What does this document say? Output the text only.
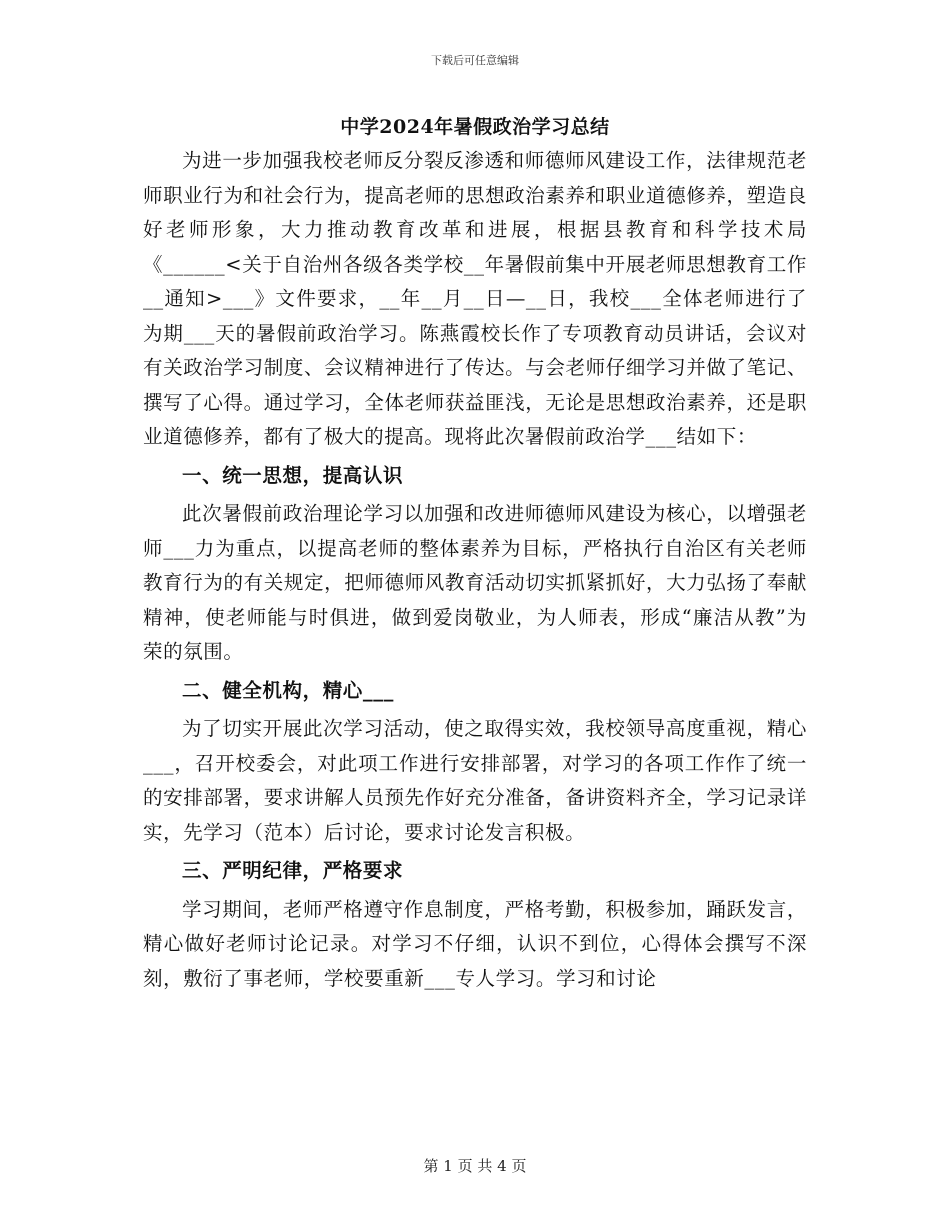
下载后可任意编辑
中学2024年暑假政治学习总结

为进一步加强我校老师反分裂反渗透和师德师风建设工作，法律规范老师职业行为和社会行为，提高老师的思想政治素养和职业道德修养，塑造良好老师形象，大力推动教育改革和进展，根据县教育和科学技术局《______<关于自治州各级各类学校__年暑假前集中开展老师思想教育工作__通知>___》文件要求，__年__月__日—__日，我校___全体老师进行了为期___天的暑假前政治学习。陈燕霞校长作了专项教育动员讲话，会议对有关政治学习制度、会议精神进行了传达。与会老师仔细学习并做了笔记、撰写了心得。通过学习，全体老师获益匪浅，无论是思想政治素养，还是职业道德修养，都有了极大的提高。现将此次暑假前政治学___结如下：

一、统一思想，提高认识

此次暑假前政治理论学习以加强和改进师德师风建设为核心，以增强老师___力为重点，以提高老师的整体素养为目标，严格执行自治区有关老师教育行为的有关规定，把师德师风教育活动切实抓紧抓好，大力弘扬了奉献精神，使老师能与时俱进，做到爱岗敬业，为人师表，形成“廉洁从教”为荣的氛围。

二、健全机构，精心___

为了切实开展此次学习活动，使之取得实效，我校领导高度重视，精心___，召开校委会，对此项工作进行安排部署，对学习的各项工作作了统一的安排部署，要求讲解人员预先作好充分准备，备讲资料齐全，学习记录详实，先学习（范本）后讨论，要求讨论发言积极。

三、严明纪律，严格要求

学习期间，老师严格遵守作息制度，严格考勤，积极参加，踊跃发言，精心做好老师讨论记录。对学习不仔细，认识不到位，心得体会撰写不深刻，敷衍了事老师，学校要重新___专人学习。学习和讨论

第 1 页 共 4 页
